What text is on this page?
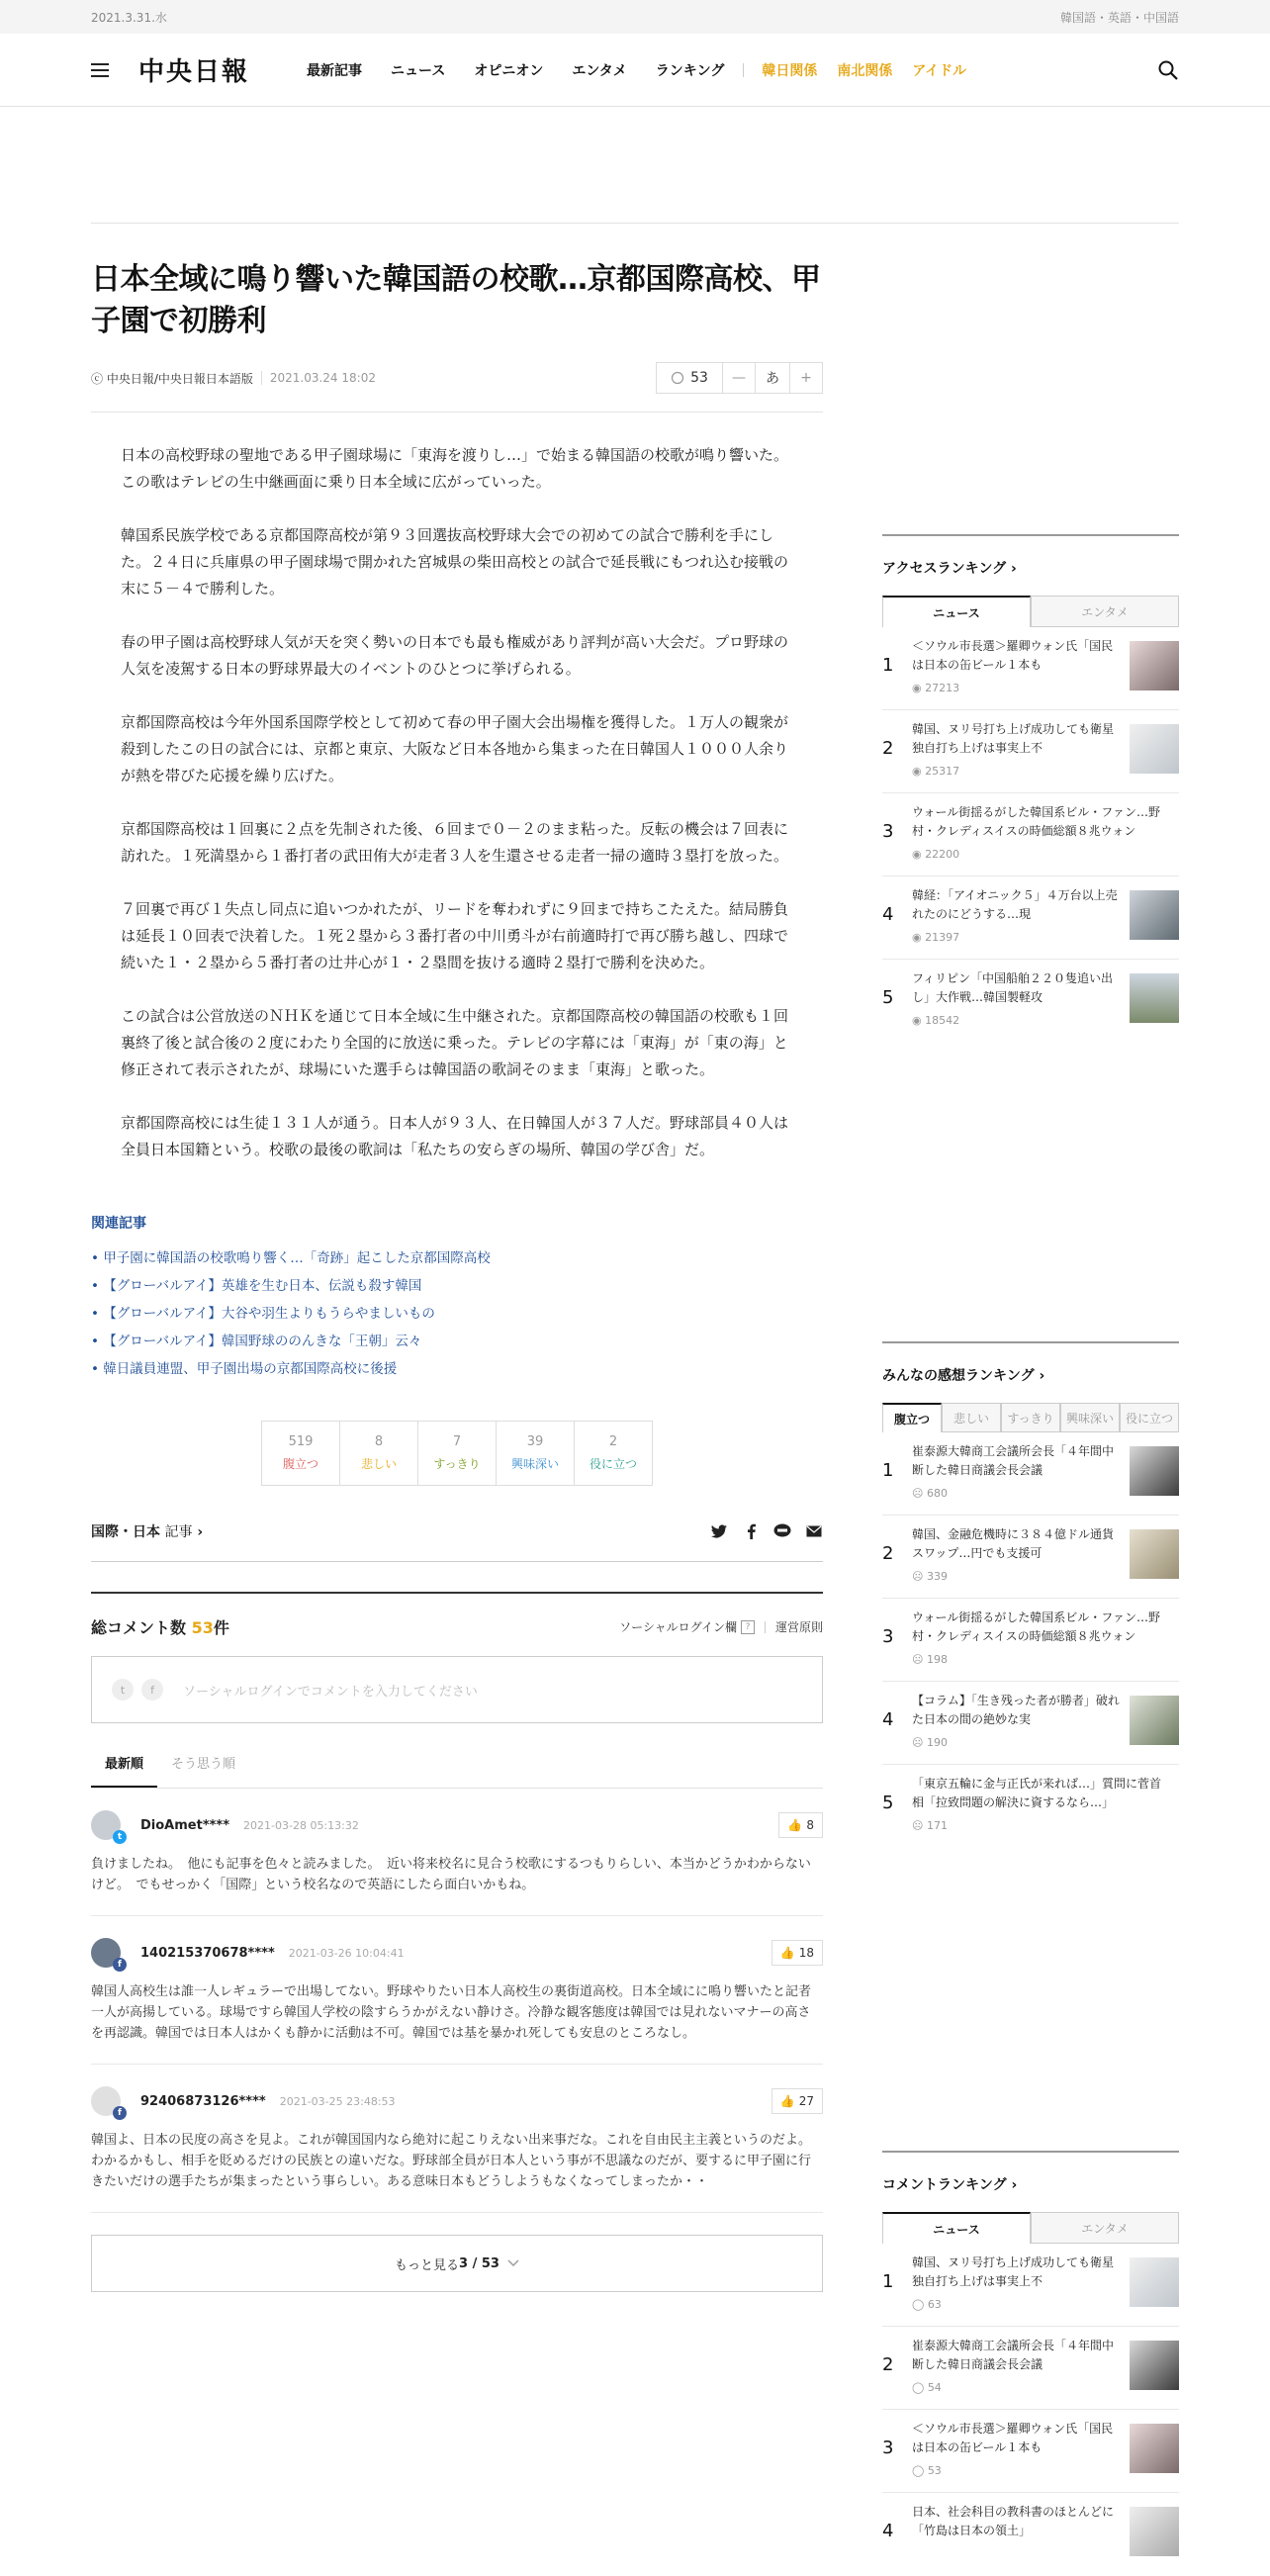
2021.3.31.水	韓国語・英語・中国語
中央日報	最新記事 ニュース オピニオン エンタメ ランキング	韓日関係 南北関係 アイドル
日本全域に鳴り響いた韓国語の校歌…京都国際高校、甲子園で初勝利
ⓒ 中央日報/中央日報日本語版	2021.03.24 18:02	53	—	あ	+

日本の高校野球の聖地である甲子園球場に「東海を渡りし…」で始まる韓国語の校歌が鳴り響いた。この歌はテレビの生中継画面に乗り日本全域に広がっていった。

韓国系民族学校である京都国際高校が第９３回選抜高校野球大会での初めての試合で勝利を手にした。２４日に兵庫県の甲子園球場で開かれた宮城県の柴田高校との試合で延長戦にもつれ込む接戦の末に５－４で勝利した。

春の甲子園は高校野球人気が天を突く勢いの日本でも最も権威があり評判が高い大会だ。プロ野球の人気を凌駕する日本の野球界最大のイベントのひとつに挙げられる。

京都国際高校は今年外国系国際学校として初めて春の甲子園大会出場権を獲得した。１万人の観衆が殺到したこの日の試合には、京都と東京、大阪など日本各地から集まった在日韓国人１０００人余りが熱を帯びた応援を繰り広げた。

京都国際高校は１回裏に２点を先制された後、６回まで０－２のまま粘った。反転の機会は７回表に訪れた。１死満塁から１番打者の武田侑大が走者３人を生還させる走者一掃の適時３塁打を放った。

７回裏で再び１失点し同点に追いつかれたが、リードを奪われずに９回まで持ちこたえた。結局勝負は延長１０回表で決着した。１死２塁から３番打者の中川勇斗が右前適時打で再び勝ち越し、四球で続いた１・２塁から５番打者の辻井心が１・２塁間を抜ける適時２塁打で勝利を決めた。

この試合は公営放送のＮＨＫを通じて日本全域に生中継された。京都国際高校の韓国語の校歌も１回裏終了後と試合後の２度にわたり全国的に放送に乗った。テレビの字幕には「東海」が「東の海」と修正されて表示されたが、球場にいた選手らは韓国語の歌詞そのまま「東海」と歌った。

京都国際高校には生徒１３１人が通う。日本人が９３人、在日韓国人が３７人だ。野球部員４０人は全員日本国籍という。校歌の最後の歌詞は「私たちの安らぎの場所、韓国の学び舎」だ。

関連記事
• 甲子園に韓国語の校歌鳴り響く…「奇跡」起こした京都国際高校
• 【グローバルアイ】英雄を生む日本、伝説も殺す韓国
• 【グローバルアイ】大谷や羽生よりもうらやましいもの
• 【グローバルアイ】韓国野球ののんきな「王朝」云々
• 韓日議員連盟、甲子園出場の京都国際高校に後援
519
腹立つ
8
悲しい
7
すっきり
39
興味深い
2
役に立つ
国際・日本 記事 ›
総コメント数 53件	ソーシャルログイン欄 ?	運営原則
t	f	ソーシャルログインでコメントを入力してください
最新順	そう思う順
t
DioAmet**** 2021-03-28 05:13:32	👍 8
負けましたね。　他にも記事を色々と読みました。　近い将来校名に見合う校歌にするつもりらしい、本当かどうかわからないけど。　でもせっかく「国際」という校名なので英語にしたら面白いかもね。
f
140215370678**** 2021-03-26 10:04:41	👍 18
韓国人高校生は誰一人レギュラーで出場してない。野球やりたい日本人高校生の裏街道高校。日本全域にに鳴り響いたと記者一人が高揚している。球場ですら韓国人学校の陰すらうかがえない静けさ。冷静な観客態度は韓国では見れないマナーの高さを再認識。韓国では日本人はかくも静かに活動は不可。韓国では基を暴かれ死しても安息のところなし。
f
92406873126**** 2021-03-25 23:48:53	👍 27
韓国よ、日本の民度の高さを見よ。これが韓国国内なら絶対に起こりえない出来事だな。これを自由民主主義というのだよ。わかるかもし、相手を貶めるだけの民族との違いだな。野球部全員が日本人という事が不思議なのだが、要するに甲子園に行きたいだけの選手たちが集まったという事らしい。ある意味日本もどうしようもなくなってしまったか・・
もっと見る 3 / 53
アクセスランキング ›
ニュース	エンタメ
1
＜ソウル市長選＞羅卿ウォン氏「国民は日本の缶ビール１本も
◉ 27213
2
韓国、ヌリ号打ち上げ成功しても衛星独自打ち上げは事実上不
◉ 25317
3
ウォール街揺るがした韓国系ビル・ファン…野村・クレディスイスの時価総額８兆ウォン
◉ 22200
4
韓経：「アイオニック５」４万台以上売れたのにどうする…現
◉ 21397
5
フィリピン「中国船舶２２０隻追い出し」大作戦…韓国製軽攻
◉ 18542
みんなの感想ランキング ›
腹立つ	悲しい	すっきり	興味深い 役に立つ
1
崔泰源大韓商工会議所会長「４年間中断した韓日商議会長会議
☹ 680
2
韓国、金融危機時に３８４億ドル通貨スワップ…円でも支援可
☹ 339
3
ウォール街揺るがした韓国系ビル・ファン…野村・クレディスイスの時価総額８兆ウォン
☹ 198
4
【コラム】「生き残った者が勝者」破れた日本の間の絶妙な実
☹ 190
5
「東京五輪に金与正氏が来れば…」質問に菅首相「拉致問題の解決に資するなら…」
☹ 171
コメントランキング ›
ニュース	エンタメ
1
韓国、ヌリ号打ち上げ成功しても衛星独自打ち上げは事実上不
◯ 63
2
崔泰源大韓商工会議所会長「４年間中断した韓日商議会長会議
◯ 54
3
＜ソウル市長選＞羅卿ウォン氏「国民は日本の缶ビール１本も
◯ 53
4
日本、社会科目の教科書のほとんどに「竹島は日本の領土」
